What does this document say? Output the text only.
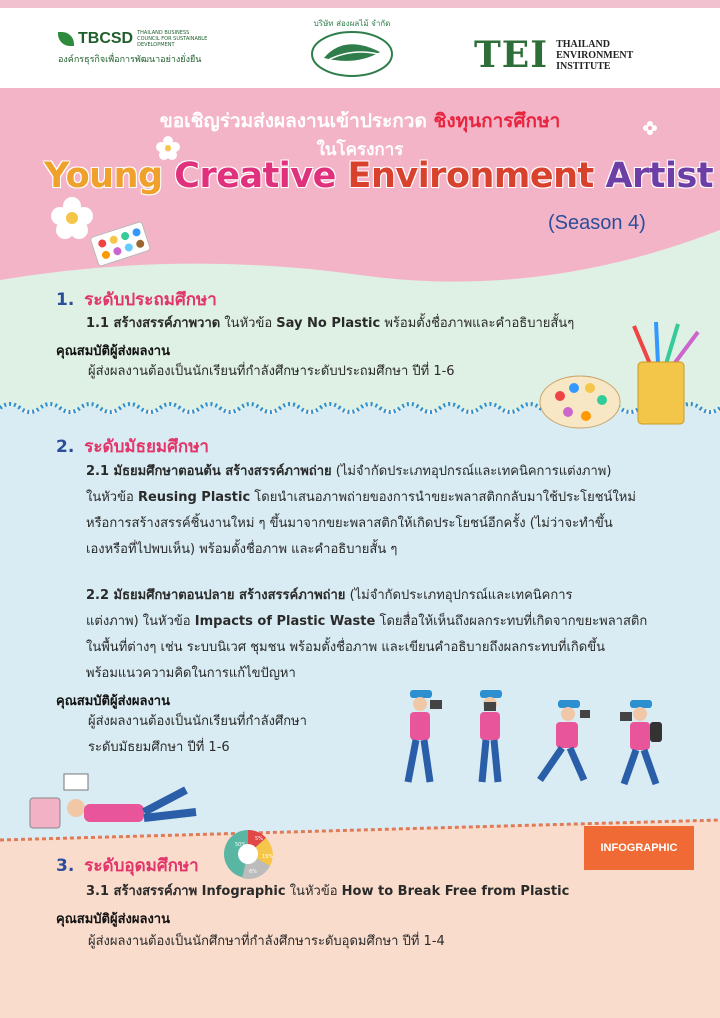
TBCSD THAILAND BUSINESS COUNCIL FOR SUSTAINABLE DEVELOPMENT
องค์กรธุรกิจเพื่อการพัฒนาอย่างยั่งยืน
บริษัท ส่องผลไม้ จำกัด
TEI THAILAND
ENVIRONMENT
INSTITUTE
ขอเชิญร่วมส่งผลงานเข้าประกวด ชิงทุนการศึกษา
ในโครงการ
Young Creative Environment Artist
(Season 4)
1. ระดับประถมศึกษา
1.1 สร้างสรรค์ภาพวาด ในหัวข้อ Say No Plastic พร้อมตั้งชื่อภาพและคำอธิบายสั้นๆ
คุณสมบัติผู้ส่งผลงาน
ผู้ส่งผลงานต้องเป็นนักเรียนที่กำลังศึกษาระดับประถมศึกษา ปีที่ 1-6
2. ระดับมัธยมศึกษา
2.1 มัธยมศึกษาตอนต้น สร้างสรรค์ภาพถ่าย (ไม่จำกัดประเภทอุปกรณ์และเทคนิคการแต่งภาพ)
ในหัวข้อ Reusing Plastic โดยนำเสนอภาพถ่ายของการนำขยะพลาสติกกลับมาใช้ประโยชน์ใหม่
หรือการสร้างสรรค์ชิ้นงานใหม่ ๆ ขึ้นมาจากขยะพลาสติกให้เกิดประโยชน์อีกครั้ง (ไม่ว่าจะทำขึ้น
เองหรือที่ไปพบเห็น) พร้อมตั้งชื่อภาพ และคำอธิบายสั้น ๆ
2.2 มัธยมศึกษาตอนปลาย สร้างสรรค์ภาพถ่าย (ไม่จำกัดประเภทอุปกรณ์และเทคนิคการ
แต่งภาพ) ในหัวข้อ Impacts of Plastic Waste โดยสื่อให้เห็นถึงผลกระทบที่เกิดจากขยะพลาสติก
ในพื้นที่ต่างๆ เช่น ระบบนิเวศ ชุมชน พร้อมตั้งชื่อภาพ และเขียนคำอธิบายถึงผลกระทบที่เกิดขึ้น
พร้อมแนวความคิดในการแก้ไขปัญหา
คุณสมบัติผู้ส่งผลงาน
ผู้ส่งผลงานต้องเป็นนักเรียนที่กำลังศึกษา
ระดับมัธยมศึกษา ปีที่ 1-6
50%
5%
15%
6%
INFOGRAPHIC
3. ระดับอุดมศึกษา
3.1 สร้างสรรค์ภาพ Infographic ในหัวข้อ How to Break Free from Plastic
คุณสมบัติผู้ส่งผลงาน
ผู้ส่งผลงานต้องเป็นนักศึกษาที่กำลังศึกษาระดับอุดมศึกษา ปีที่ 1-4
